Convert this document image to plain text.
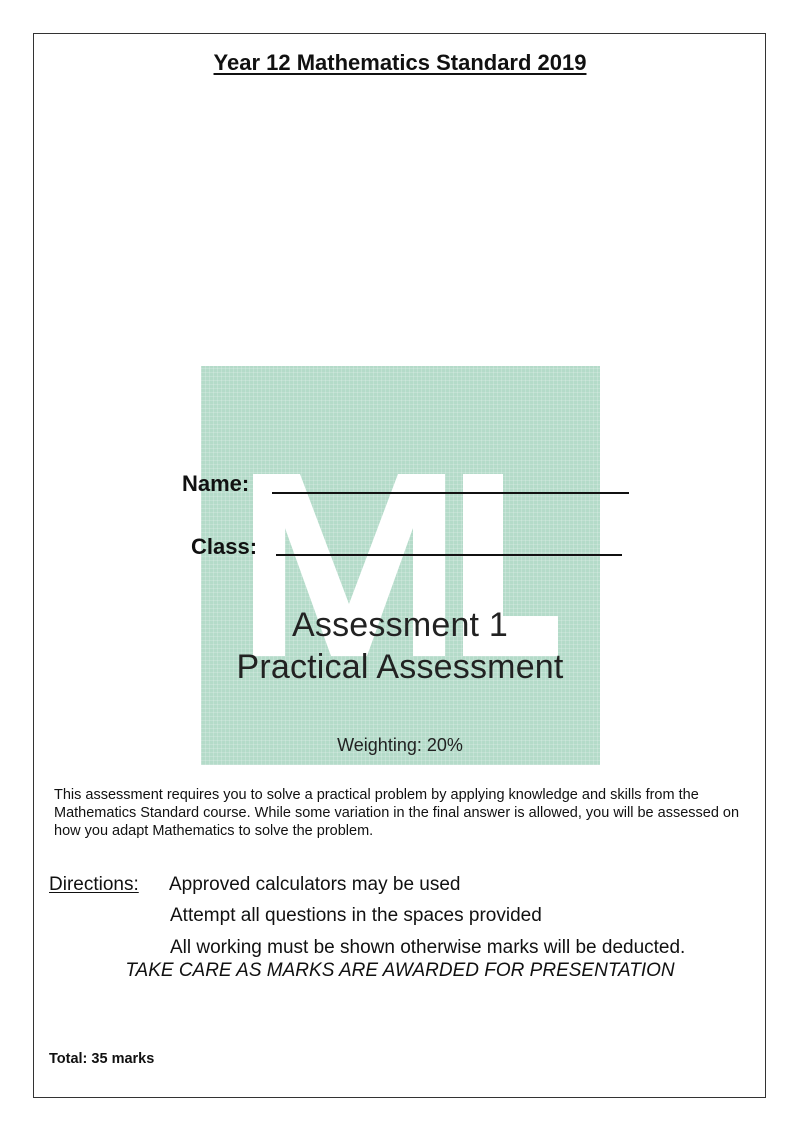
Year 12 Mathematics Standard 2019
Name:
Class:
Assessment 1
Practical Assessment
Weighting: 20%
This assessment requires you to solve a practical problem by applying knowledge and skills from the Mathematics Standard course. While some variation in the final answer is allowed, you will be assessed on how you adapt Mathematics to solve the problem.
Directions: Approved calculators may be used
Attempt all questions in the spaces provided
All working must be shown otherwise marks will be deducted.
TAKE CARE AS MARKS ARE AWARDED FOR PRESENTATION
Total: 35 marks
